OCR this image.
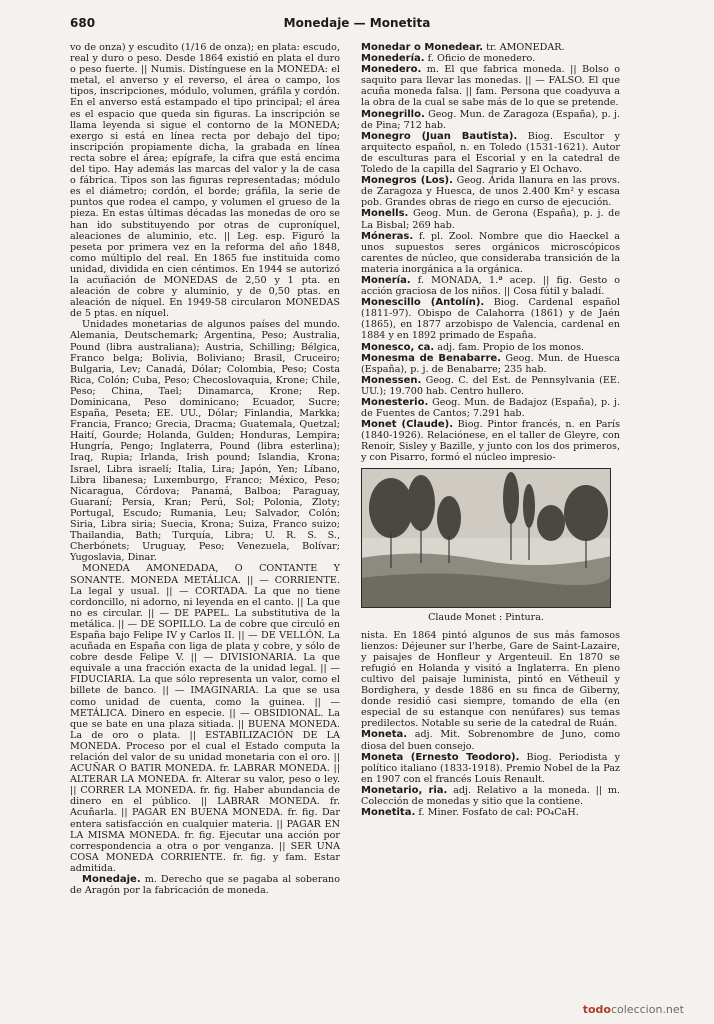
680	Monedaje — Monetita

vo de onza) y escudito (1/16 de onza); en plata: escudo, real y duro o peso. Desde 1864 existió en plata el duro o peso fuerte. || Numis. Distínguese en la MONEDA: el metal, el anverso y el reverso, el área o campo, los tipos, inscripciones, módulo, volumen, gráfila y cordón. En el anverso está estampado el tipo principal; el área es el espacio que queda sin figuras. La inscripción se llama leyenda si sigue el contorno de la MONEDA; exergo si está en línea recta por debajo del tipo; inscripción propiamente dicha, la grabada en línea recta sobre el área; epígrafe, la cifra que está encima del tipo. Hay además las marcas del valor y la de casa o fábrica. Tipos son las figuras representadas; módulo es el diámetro; cordón, el borde; gráfila, la serie de puntos que rodea el campo, y volumen el grueso de la pieza. En estas últimas décadas las monedas de oro se han ido substituyendo por otras de cuproníquel, aleaciones de aluminio, etc. || Leg. esp. Figuró la peseta por primera vez en la reforma del año 1848, como múltiplo del real. En 1865 fue instituida como unidad, dividida en cien céntimos. En 1944 se autorizó la acuñación de MONEDAS de 2,50 y 1 pta. en aleación de cobre y aluminio, y de 0,50 ptas. en aleación de níquel. En 1949-58 circularon MONEDAS de 5 ptas. en níquel.

Unidades monetarias de algunos países del mundo. Alemania, Deutschemark; Argentina, Peso; Australia, Pound (libra australiana); Austria, Schilling; Bélgica, Franco belga; Bolivia, Boliviano; Brasil, Cruceiro; Bulgaria, Lev; Canadá, Dólar; Colombia, Peso; Costa Rica, Colón; Cuba, Peso; Checoslovaquia, Krone; Chile, Peso; China, Tael; Dinamarca, Krone; Rep. Dominicana, Peso dominicano; Ecuador, Sucre; España, Peseta; EE. UU., Dólar; Finlandia, Markka; Francia, Franco; Grecia, Dracma; Guatemala, Quetzal; Haití, Gourde; Holanda, Gulden; Honduras, Lempira; Hungría, Pengo; Inglaterra, Pound (libra esterlina); Iraq, Rupia; Irlanda, Irish pound; Islandia, Krona; Israel, Libra israelí; Italia, Lira; Japón, Yen; Líbano, Libra libanesa; Luxemburgo, Franco; México, Peso; Nicaragua, Córdova; Panamá, Balboa; Paraguay, Guaraní; Persia, Kran; Perú, Sol; Polonia, Zloty; Portugal, Escudo; Rumania, Leu; Salvador, Colón; Siria, Libra siria; Suecia, Krona; Suiza, Franco suizo; Thailandia, Bath; Turquía, Libra; U. R. S. S., Cherbónets; Uruguay, Peso; Venezuela, Bolívar; Yugoslavia, Dinar.

MONEDA AMONEDADA, O CONTANTE Y SONANTE. MONEDA METÁLICA. || — CORRIENTE. La legal y usual. || — CORTADA. La que no tiene cordoncillo, ni adorno, ni leyenda en el canto. || La que no es circular. || — DE PAPEL. La substitutiva de la metálica. || — DE SOPILLO. La de cobre que circuló en España bajo Felipe IV y Carlos II. || — DE VELLÓN. La acuñada en España con liga de plata y cobre, y sólo de cobre desde Felipe V. || — DIVISIONARIA. La que equivale a una fracción exacta de la unidad legal. || — FIDUCIARIA. La que sólo representa un valor, como el billete de banco. || — IMAGINARIA. La que se usa como unidad de cuenta, como la guinea. || — METÁLICA. Dinero en especie. || — OBSIDIONAL. La que se bate en una plaza sitiada. || BUENA MONEDA. La de oro o plata. || ESTABILIZACIÓN DE LA MONEDA. Proceso por el cual el Estado computa la relación del valor de su unidad monetaria con el oro. || ACUÑAR O BATIR MONEDA. fr. LABRAR MONEDA. || ALTERAR LA MONEDA. fr. Alterar su valor, peso o ley. || CORRER LA MONEDA. fr. fig. Haber abundancia de dinero en el público. || LABRAR MONEDA. fr. Acuñarla. || PAGAR EN BUENA MONEDA. fr. fig. Dar entera satisfacción en cualquier materia. || PAGAR EN LA MISMA MONEDA. fr. fig. Ejecutar una acción por correspondencia a otra o por venganza. || SER UNA COSA MONEDA CORRIENTE. fr. fig. y fam. Estar admitida.

Monedaje. m. Derecho que se pagaba al soberano de Aragón por la fabricación de moneda.

Monedar o Monedear. tr. AMONEDAR.

Monedería. f. Oficio de monedero.

Monedero. m. El que fabrica moneda. || Bolso o saquito para llevar las monedas. || — FALSO. El que acuña moneda falsa. || fam. Persona que coadyuva a la obra de la cual se sabe más de lo que se pretende.

Monegrillo. Geog. Mun. de Zaragoza (España), p. j. de Pina; 712 hab.

Monegro (Juan Bautista). Biog. Escultor y arquitecto español, n. en Toledo (1531-1621). Autor de esculturas para el Escorial y en la catedral de Toledo de la capilla del Sagrario y El Ochavo.

Monegros (Los). Geog. Árida llanura en las provs. de Zaragoza y Huesca, de unos 2.400 Km² y escasa pob. Grandes obras de riego en curso de ejecución.

Monells. Geog. Mun. de Gerona (España), p. j. de La Bisbal; 269 hab.

Móneras. f. pl. Zool. Nombre que dio Haeckel a unos supuestos seres orgánicos microscópicos carentes de núcleo, que consideraba transición de la materia inorgánica a la orgánica.

Monería. f. MONADA, 1.ª acep. || fig. Gesto o acción graciosa de los niños. || Cosa fútil y baladí.

Monescillo (Antolín). Biog. Cardenal español (1811-97). Obispo de Calahorra (1861) y de Jaén (1865), en 1877 arzobispo de Valencia, cardenal en 1884 y en 1892 primado de España.

Monesco, ca. adj. fam. Propio de los monos.

Monesma de Benabarre. Geog. Mun. de Huesca (España), p. j. de Benabarre; 235 hab.

Monessen. Geog. C. del Est. de Pennsylvania (EE. UU.); 19.700 hab. Centro hullero.

Monesterio. Geog. Mun. de Badajoz (España), p. j. de Fuentes de Cantos; 7.291 hab.

Monet (Claude). Biog. Pintor francés, n. en París (1840-1926). Relaciónese, en el taller de Gleyre, con Renoir, Sisley y Bazille, y junto con los dos primeros, y con Pisarro, formó el núcleo impresio-

Claude Monet : Pintura.

nista. En 1864 pintó algunos de sus más famosos lienzos: Déjeuner sur l'herbe, Gare de Saint-Lazaire, y paisajes de Honfleur y Argenteuil. En 1870 se refugió en Holanda y visitó a Inglaterra. En pleno cultivo del paisaje luminista, pintó en Vétheuil y Bordighera, y desde 1886 en su finca de Giberny, donde residió casi siempre, tomando de ella (en especial de su estanque con nenúfares) sus temas predilectos. Notable su serie de la catedral de Ruán.

Moneta. adj. Mit. Sobrenombre de Juno, como diosa del buen consejo.

Moneta (Ernesto Teodoro). Biog. Periodista y político italiano (1833-1918). Premio Nobel de la Paz en 1907 con el francés Louis Renault.

Monetario, ria. adj. Relativo a la moneda. || m. Colección de monedas y sitio que la contiene.

Monetita. f. Miner. Fosfato de cal: PO₄CaH.

todocoleccion.net
